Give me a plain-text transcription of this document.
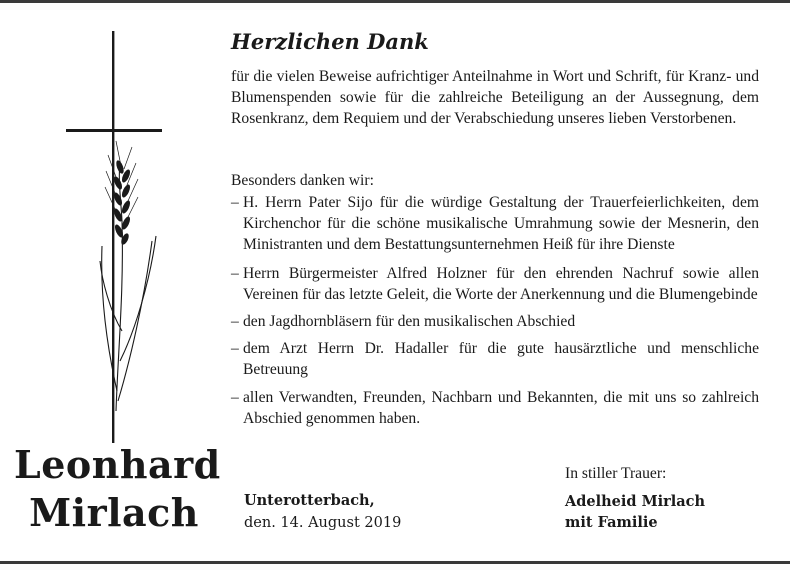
Leonhard
Mirlach
Herzlichen Dank
für die vielen Beweise aufrichtiger Anteilnahme in Wort und Schrift, für Kranz- und Blumenspenden sowie für die zahlreiche Beteiligung an der Aussegnung, dem Rosenkranz, dem Requiem und der Verabschiedung unseres lieben Verstorbenen.
Besonders danken wir:
– H. Herrn Pater Sijo für die würdige Gestaltung der Trauerfeierlichkeiten, dem Kirchenchor für die schöne musikalische Umrahmung sowie der Mesnerin, den Ministranten und dem Bestattungsunternehmen Heiß für ihre Dienste
– Herrn Bürgermeister Alfred Holzner für den ehrenden Nachruf sowie allen Vereinen für das letzte Geleit, die Worte der Anerkennung und die Blumengebinde
– den Jagdhornbläsern für den musikalischen Abschied
– dem Arzt Herrn Dr. Hadaller für die gute hausärztliche und menschliche Betreuung
– allen Verwandten, Freunden, Nachbarn und Bekannten, die mit uns so zahlreich Abschied genommen haben.
In stiller Trauer:
Unterotterbach,
den. 14. August 2019
Adelheid Mirlach
mit Familie
